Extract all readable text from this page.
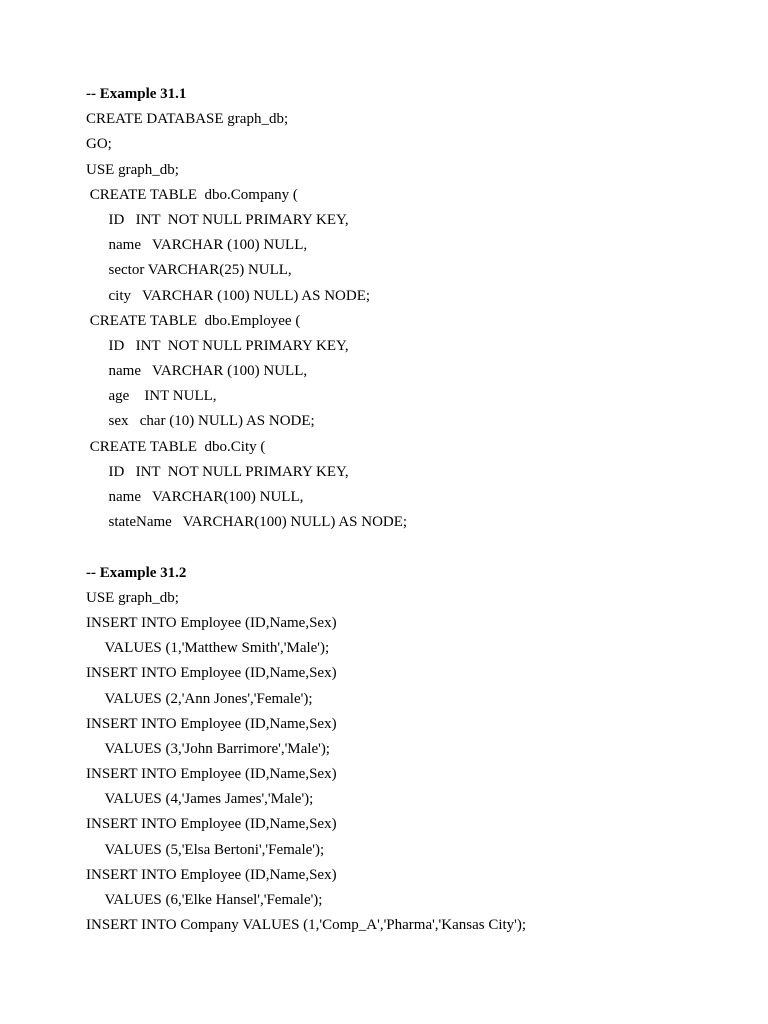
-- Example 31.1
CREATE DATABASE graph_db;
GO;
USE graph_db;
CREATE TABLE  dbo.Company (
ID   INT  NOT NULL PRIMARY KEY,
name   VARCHAR (100) NULL,
sector VARCHAR(25) NULL,
city   VARCHAR (100) NULL) AS NODE;
CREATE TABLE  dbo.Employee (
ID   INT  NOT NULL PRIMARY KEY,
name   VARCHAR (100) NULL,
age    INT NULL,
sex   char (10) NULL) AS NODE;
CREATE TABLE  dbo.City (
ID   INT  NOT NULL PRIMARY KEY,
name   VARCHAR(100) NULL,
stateName   VARCHAR(100) NULL) AS NODE;
-- Example 31.2
USE graph_db;
INSERT INTO Employee (ID,Name,Sex)
VALUES (1,'Matthew Smith','Male');
INSERT INTO Employee (ID,Name,Sex)
VALUES (2,'Ann Jones','Female');
INSERT INTO Employee (ID,Name,Sex)
VALUES (3,'John Barrimore','Male');
INSERT INTO Employee (ID,Name,Sex)
VALUES (4,'James James','Male');
INSERT INTO Employee (ID,Name,Sex)
VALUES (5,'Elsa Bertoni','Female');
INSERT INTO Employee (ID,Name,Sex)
VALUES (6,'Elke Hansel','Female');
INSERT INTO Company VALUES (1,'Comp_A','Pharma','Kansas City');
